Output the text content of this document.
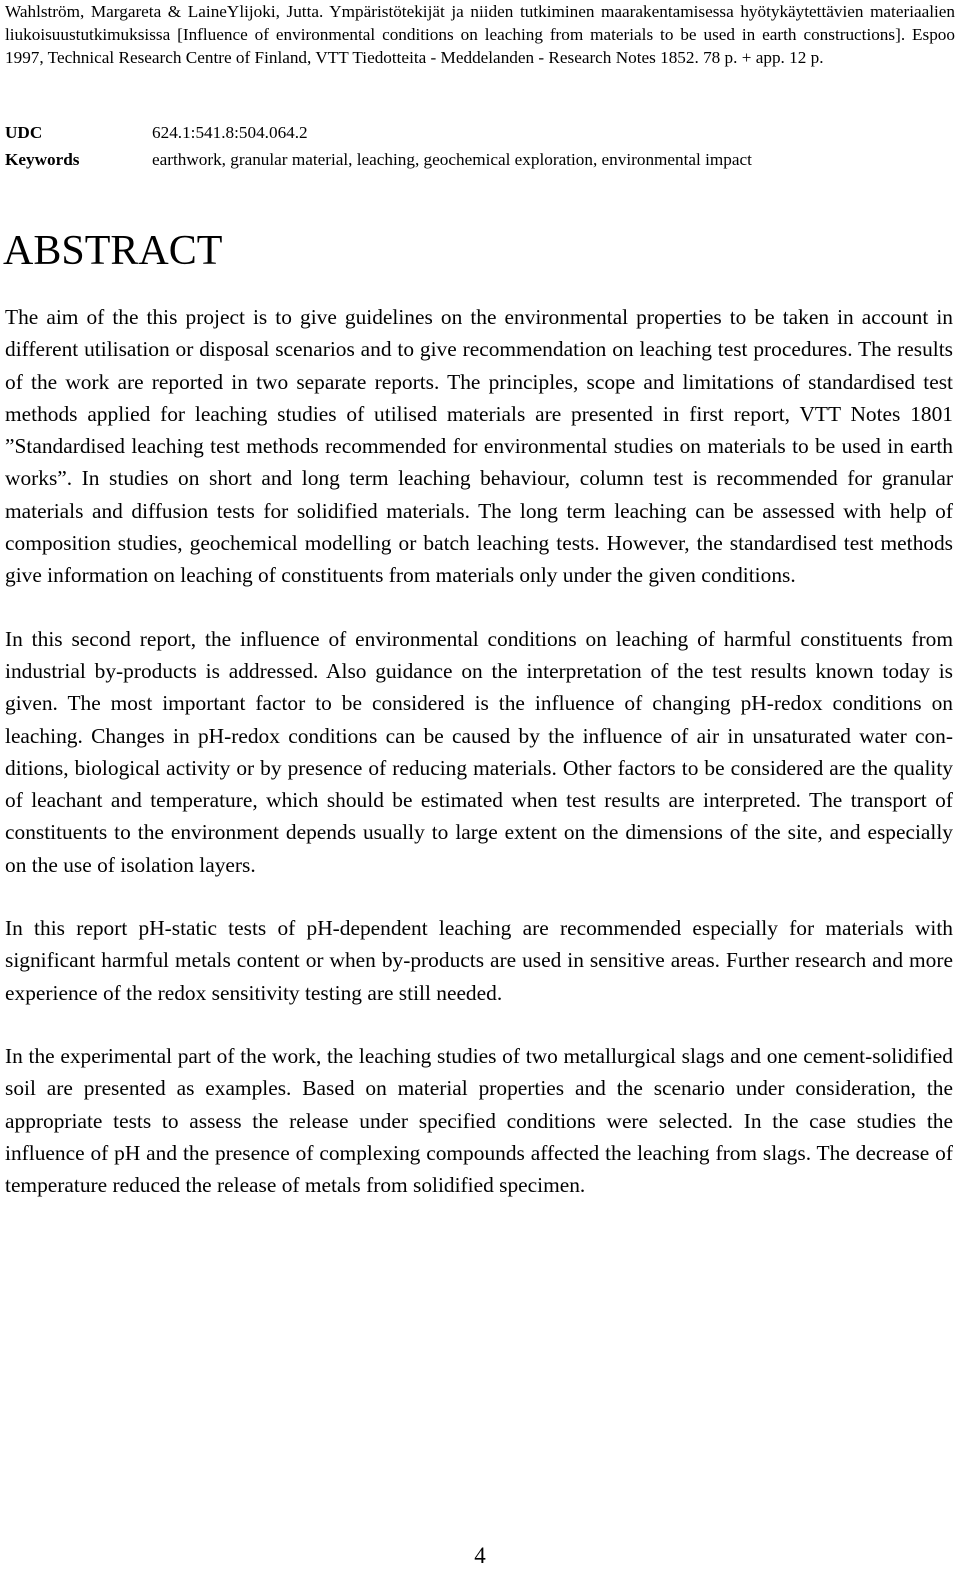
Wahlström, Margareta & LaineYlijoki, Jutta. Ympäristötekijät ja niiden tutkiminen maarakentamisessa hyötykäytettävien materiaalien liukoisuustutkimuksissa [Influence of environmental conditions on leaching from materials to be used in earth constructions]. Espoo 1997, Technical Research Centre of Finland, VTT Tiedotteita - Meddelanden - Research Notes 1852. 78 p. + app. 12 p.
UDC	624.1:541.8:504.064.2
Keywords	earthwork, granular material, leaching, geochemical exploration, environmental impact
ABSTRACT

The aim of the this project is to give guidelines on the environmental properties to be taken in account in different utilisation or disposal scenarios and to give recommendation on leaching test procedures. The results of the work are reported in two separate reports. The principles, scope and limitations of standardised test methods applied for leaching studies of utilised materials are presented in first report, VTT Notes 1801 ”Standardised leaching test methods recommended for environmental studies on materials to be used in earth works”. In studies on short and long term leaching behaviour, column test is recommended for granular materials and diffusion tests for solidified materials. The long term leaching can be assessed with help of composition studies, geochemical modelling or batch leaching tests. However, the standardised test methods give information on leaching of constituents from materials only under the given conditions.

In this second report, the influence of environmental conditions on leaching of harmful constituents from industrial by-products is addressed. Also guidance on the interpretation of the test results known today is given. The most important factor to be considered is the influence of changing pH-redox conditions on leaching. Changes in pH-redox conditions can be caused by the influence of air in unsaturated water conditions, biological activity or by presence of reducing materials. Other factors to be considered are the quality of leachant and temperature, which should be estimated when test results are interpreted. The transport of constituents to the environment depends usually to large extent on the dimensions of the site, and especially on the use of isolation layers.

In this report pH-static tests of pH-dependent leaching are recommended especially for materials with significant harmful metals content or when by-products are used in sensitive areas. Further research and more experience of the redox sensitivity testing are still needed.

In the experimental part of the work, the leaching studies of two metallurgical slags and one cement-solidified soil are presented as examples. Based on material properties and the scenario under consideration, the appropriate tests to assess the release under specified conditions were selected. In the case studies the influence of pH and the presence of complexing compounds affected the leaching from slags. The decrease of temperature reduced the release of metals from solidified specimen.

4
